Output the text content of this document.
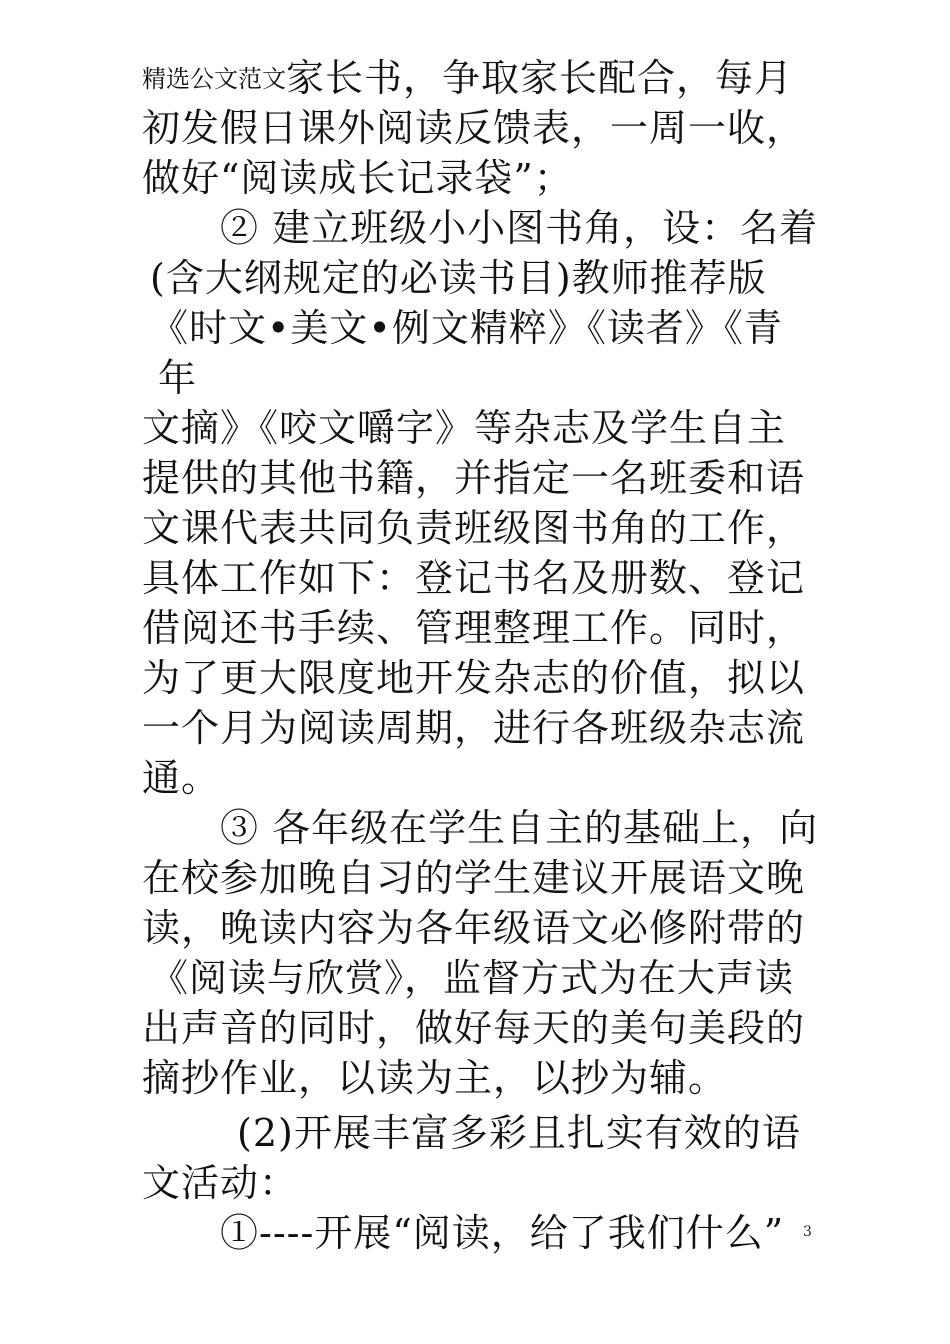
精选公文范文家长书，争取家长配合，每月
初发假日课外阅读反馈表，一周一收，
做好“阅读成长记录袋”；
② 建立班级小小图书角，设：名着
(含大纲规定的必读书目)教师推荐版
《时文•美文•例文精粹》《读者》《青
年
文摘》《咬文嚼字》等杂志及学生自主
提供的其他书籍，并指定一名班委和语
文课代表共同负责班级图书角的工作，
具体工作如下：登记书名及册数、登记
借阅还书手续、管理整理工作。同时，
为了更大限度地开发杂志的价值，拟以
一个月为阅读周期，进行各班级杂志流
通。
③ 各年级在学生自主的基础上，向
在校参加晚自习的学生建议开展语文晚
读，晚读内容为各年级语文必修附带的
《阅读与欣赏》，监督方式为在大声读
出声音的同时，做好每天的美句美段的
摘抄作业，以读为主，以抄为辅。
(2)开展丰富多彩且扎实有效的语
文活动：
①----开展“阅读，给了我们什么” 3
